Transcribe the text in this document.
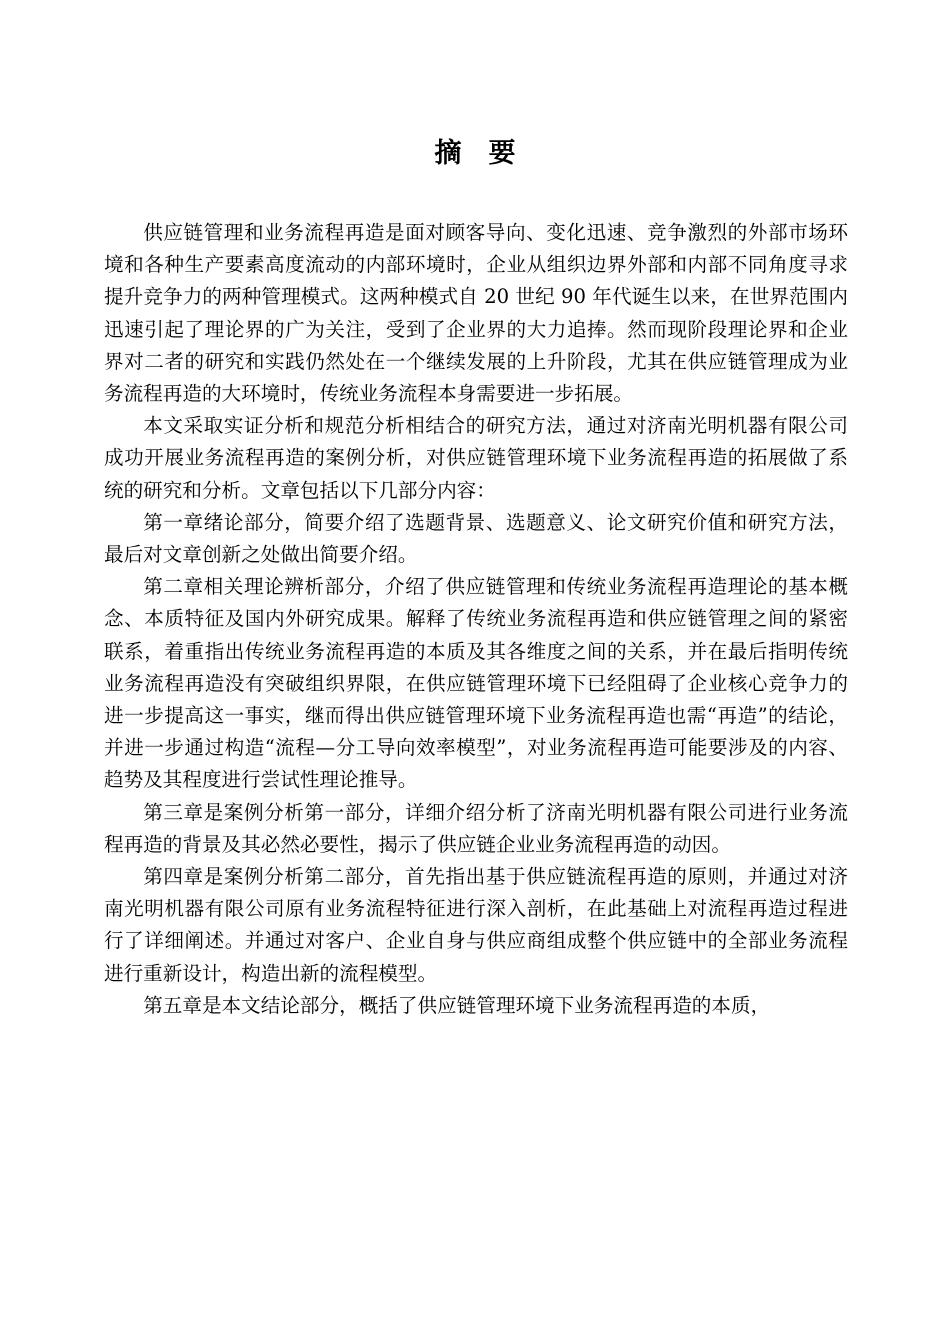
摘要

供应链管理和业务流程再造是面对顾客导向、变化迅速、竞争激烈的外部市场环境和各种生产要素高度流动的内部环境时，企业从组织边界外部和内部不同角度寻求提升竞争力的两种管理模式。这两种模式自 20 世纪 90 年代诞生以来，在世界范围内迅速引起了理论界的广为关注，受到了企业界的大力追捧。然而现阶段理论界和企业界对二者的研究和实践仍然处在一个继续发展的上升阶段，尤其在供应链管理成为业务流程再造的大环境时，传统业务流程本身需要进一步拓展。

本文采取实证分析和规范分析相结合的研究方法，通过对济南光明机器有限公司成功开展业务流程再造的案例分析，对供应链管理环境下业务流程再造的拓展做了系统的研究和分析。文章包括以下几部分内容：

第一章绪论部分，简要介绍了选题背景、选题意义、论文研究价值和研究方法，最后对文章创新之处做出简要介绍。

第二章相关理论辨析部分，介绍了供应链管理和传统业务流程再造理论的基本概念、本质特征及国内外研究成果。解释了传统业务流程再造和供应链管理之间的紧密联系，着重指出传统业务流程再造的本质及其各维度之间的关系，并在最后指明传统业务流程再造没有突破组织界限，在供应链管理环境下已经阻碍了企业核心竞争力的进一步提高这一事实，继而得出供应链管理环境下业务流程再造也需“再造”的结论，并进一步通过构造“流程—分工导向效率模型”，对业务流程再造可能要涉及的内容、趋势及其程度进行尝试性理论推导。

第三章是案例分析第一部分，详细介绍分析了济南光明机器有限公司进行业务流程再造的背景及其必然必要性，揭示了供应链企业业务流程再造的动因。

第四章是案例分析第二部分，首先指出基于供应链流程再造的原则，并通过对济南光明机器有限公司原有业务流程特征进行深入剖析，在此基础上对流程再造过程进行了详细阐述。并通过对客户、企业自身与供应商组成整个供应链中的全部业务流程进行重新设计，构造出新的流程模型。

第五章是本文结论部分，概括了供应链管理环境下业务流程再造的本质，
